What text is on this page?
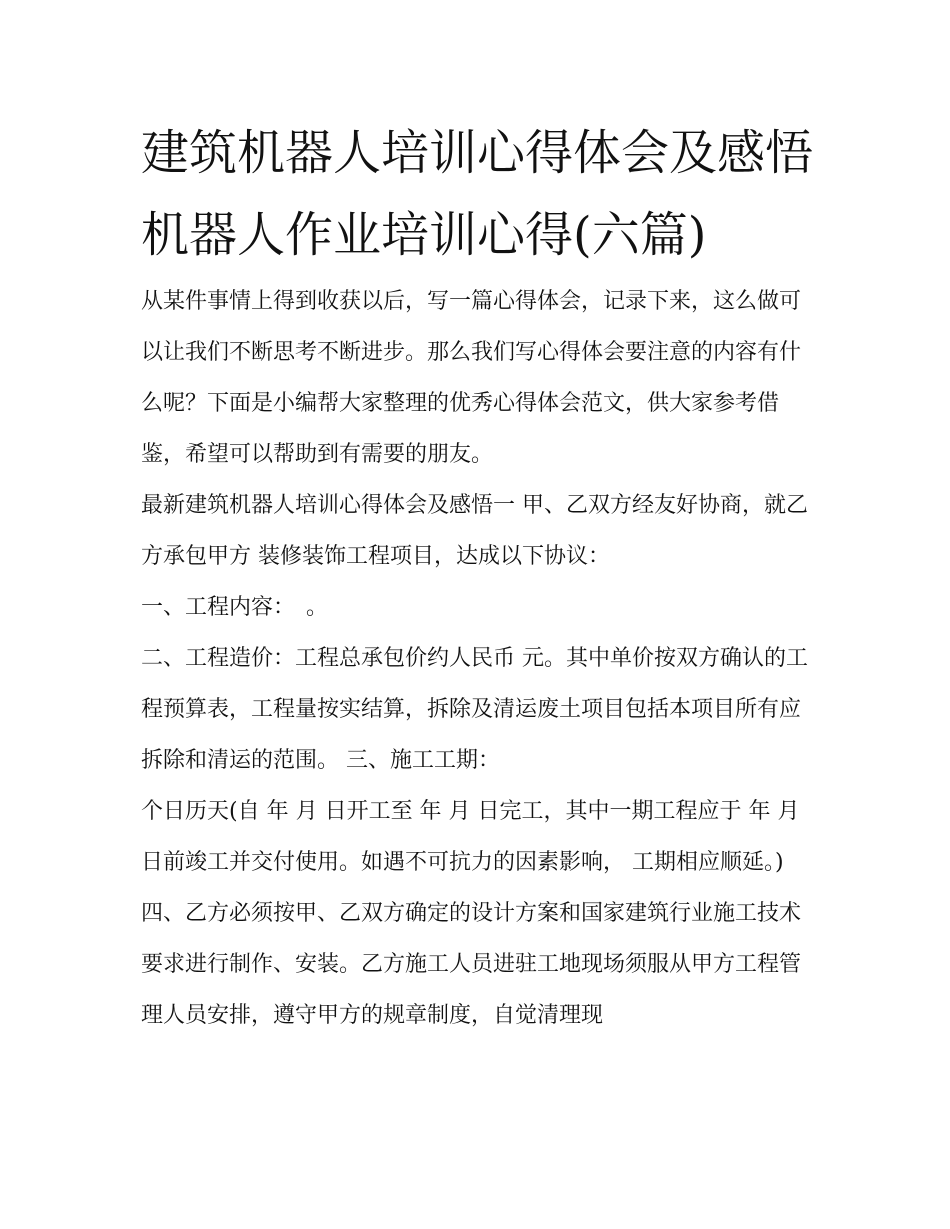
建筑机器人培训心得体会及感悟 机器人作业培训心得(六篇)

从某件事情上得到收获以后，写一篇心得体会，记录下来，这么做可以让我们不断思考不断进步。那么我们写心得体会要注意的内容有什么呢？下面是小编帮大家整理的优秀心得体会范文，供大家参考借鉴，希望可以帮助到有需要的朋友。

最新建筑机器人培训心得体会及感悟一 甲、乙双方经友好协商，就乙方承包甲方 装修装饰工程项目，达成以下协议：

一、工程内容：　。

二、工程造价：工程总承包价约人民币 元。其中单价按双方确认的工程预算表，工程量按实结算，拆除及清运废土项目包括本项目所有应拆除和清运的范围。 三、施工工期：

个日历天(自 年 月 日开工至 年 月 日完工，其中一期工程应于 年 月 日前竣工并交付使用。如遇不可抗力的因素影响， 工期相应顺延。)

四、乙方必须按甲、乙双方确定的设计方案和国家建筑行业施工技术要求进行制作、安装。乙方施工人员进驻工地现场须服从甲方工程管理人员安排，遵守甲方的规章制度，自觉清理现
